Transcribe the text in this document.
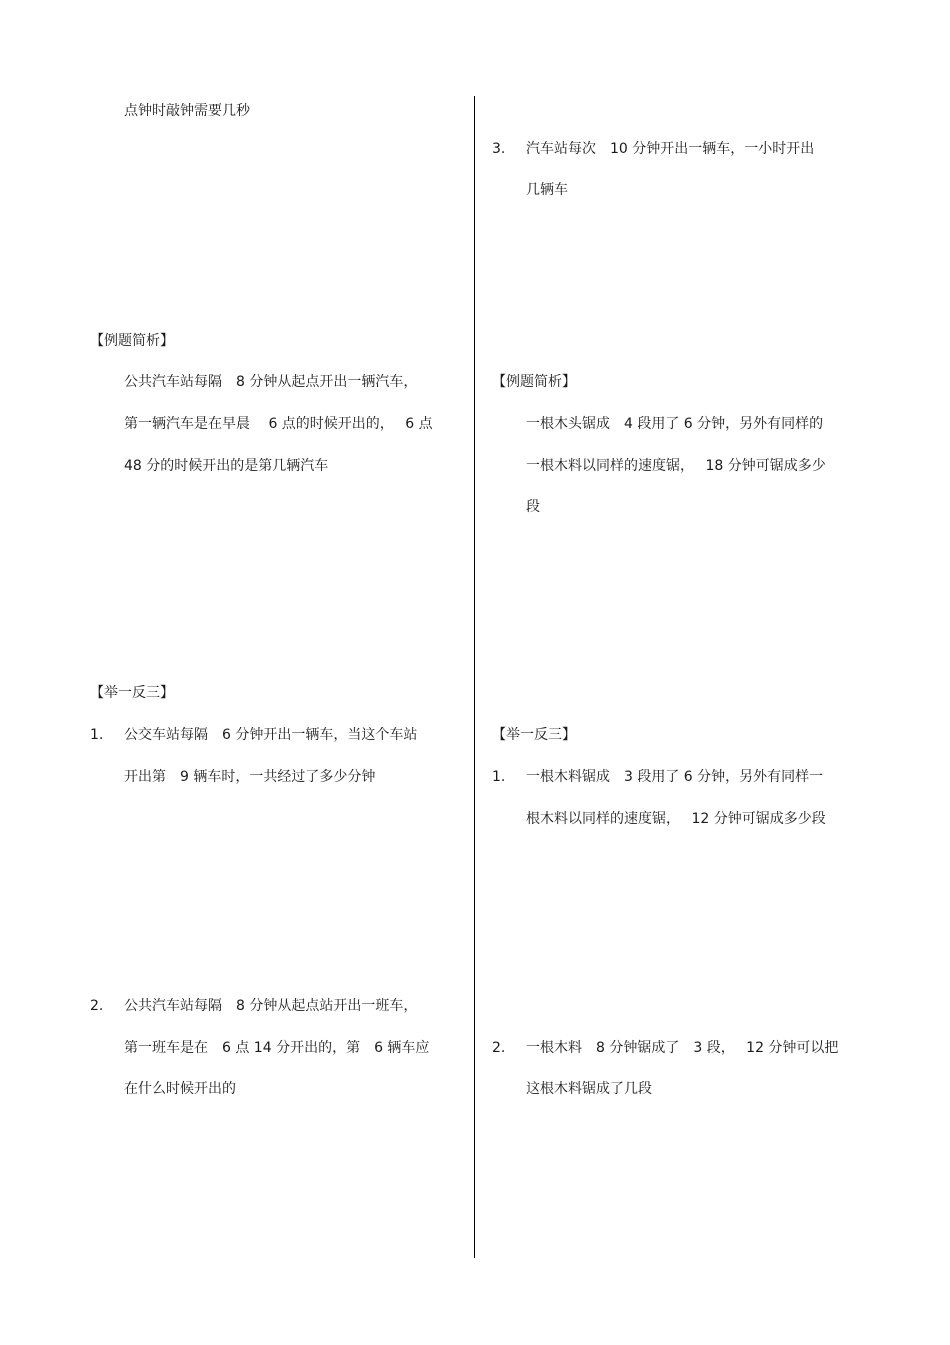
点钟时敲钟需要几秒
【例题简析】
公共汽车站每隔　8 分钟从起点开出一辆汽车，
第一辆汽车是在早晨　 6 点的时候开出的，　 6 点
48 分的时候开出的是第几辆汽车
【举一反三】
1. 公交车站每隔　6 分钟开出一辆车，当这个车站
开出第　9 辆车时，一共经过了多少分钟
2. 公共汽车站每隔　8 分钟从起点站开出一班车，
第一班车是在　6 点 14 分开出的，第　6 辆车应
在什么时候开出的
3. 汽车站每次　10 分钟开出一辆车，一小时开出
几辆车
【例题简析】
一根木头锯成　4 段用了 6 分钟，另外有同样的
一根木料以同样的速度锯，　 18 分钟可锯成多少
段
【举一反三】
1. 一根木料锯成　3 段用了 6 分钟，另外有同样一
根木料以同样的速度锯，　 12 分钟可锯成多少段
2. 一根木料　8 分钟锯成了　3 段，　 12 分钟可以把
这根木料锯成了几段
